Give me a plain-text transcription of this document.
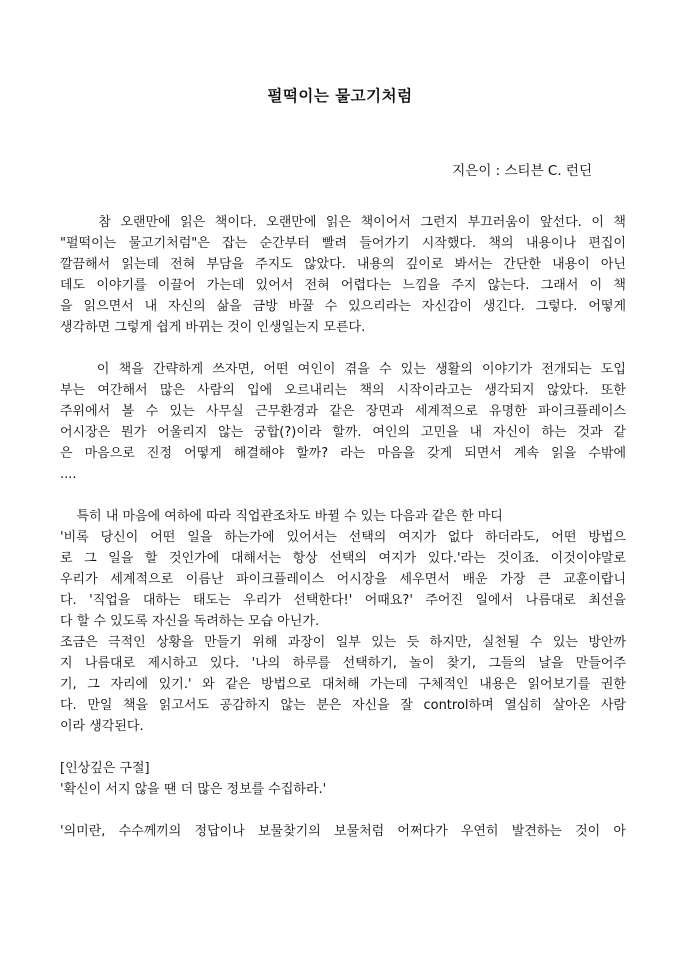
펄떡이는 물고기처럼
지은이 : 스티븐 C. 런딘
참 오랜만에 읽은 책이다. 오랜만에 읽은 책이어서 그런지 부끄러움이 앞선다. 이 책
"펄떡이는 물고기처럼"은 잡는 순간부터 빨려 들어가기 시작했다. 책의 내용이나 편집이
깔끔해서 읽는데 전혀 부담을 주지도 않았다. 내용의 깊이로 봐서는 간단한 내용이 아닌
데도 이야기를 이끌어 가는데 있어서 전혀 어렵다는 느낌을 주지 않는다. 그래서 이 책
을 읽으면서 내 자신의 삶을 금방 바꿀 수 있으리라는 자신감이 생긴다. 그렇다. 어떻게
생각하면 그렇게 쉽게 바뀌는 것이 인생일는지 모른다.
이 책을 간략하게 쓰자면, 어떤 여인이 겪을 수 있는 생활의 이야기가 전개되는 도입
부는 여간해서 많은 사람의 입에 오르내리는 책의 시작이라고는 생각되지 않았다. 또한
주위에서 볼 수 있는 사무실 근무환경과 같은 장면과 세계적으로 유명한 파이크플레이스
어시장은 뭔가 어울리지 않는 궁합(?)이라 할까. 여인의 고민을 내 자신이 하는 것과 같
은 마음으로 진정 어떻게 해결해야 할까? 라는 마음을 갖게 되면서 계속 읽을 수밖에
....
특히 내 마음에 여하에 따라 직업관조차도 바뀔 수 있는 다음과 같은 한 마디
'비록 당신이 어떤 일을 하는가에 있어서는 선택의 여지가 없다 하더라도, 어떤 방법으
로 그 일을 할 것인가에 대해서는 항상 선택의 여지가 있다.'라는 것이죠. 이것이야말로
우리가 세계적으로 이름난 파이크플레이스 어시장을 세우면서 배운 가장 큰 교훈이랍니
다. '직업을 대하는 태도는 우리가 선택한다!' 어때요?' 주어진 일에서 나름대로 최선을
다 할 수 있도록 자신을 독려하는 모습 아닌가.
조금은 극적인 상황을 만들기 위해 과장이 일부 있는 듯 하지만, 실천될 수 있는 방안까
지 나름대로 제시하고 있다. '나의 하루를 선택하기, 놀이 찾기, 그들의 날을 만들어주
기, 그 자리에 있기.' 와 같은 방법으로 대처해 가는데 구체적인 내용은 읽어보기를 권한
다. 만일 책을 읽고서도 공감하지 않는 분은 자신을 잘 control하며 열심히 살아온 사람
이라 생각된다.
[인상깊은 구절]
'확신이 서지 않을 땐 더 많은 정보를 수집하라.'
'의미란, 수수께끼의 정답이나 보물찾기의 보물처럼 어쩌다가 우연히 발견하는 것이 아
